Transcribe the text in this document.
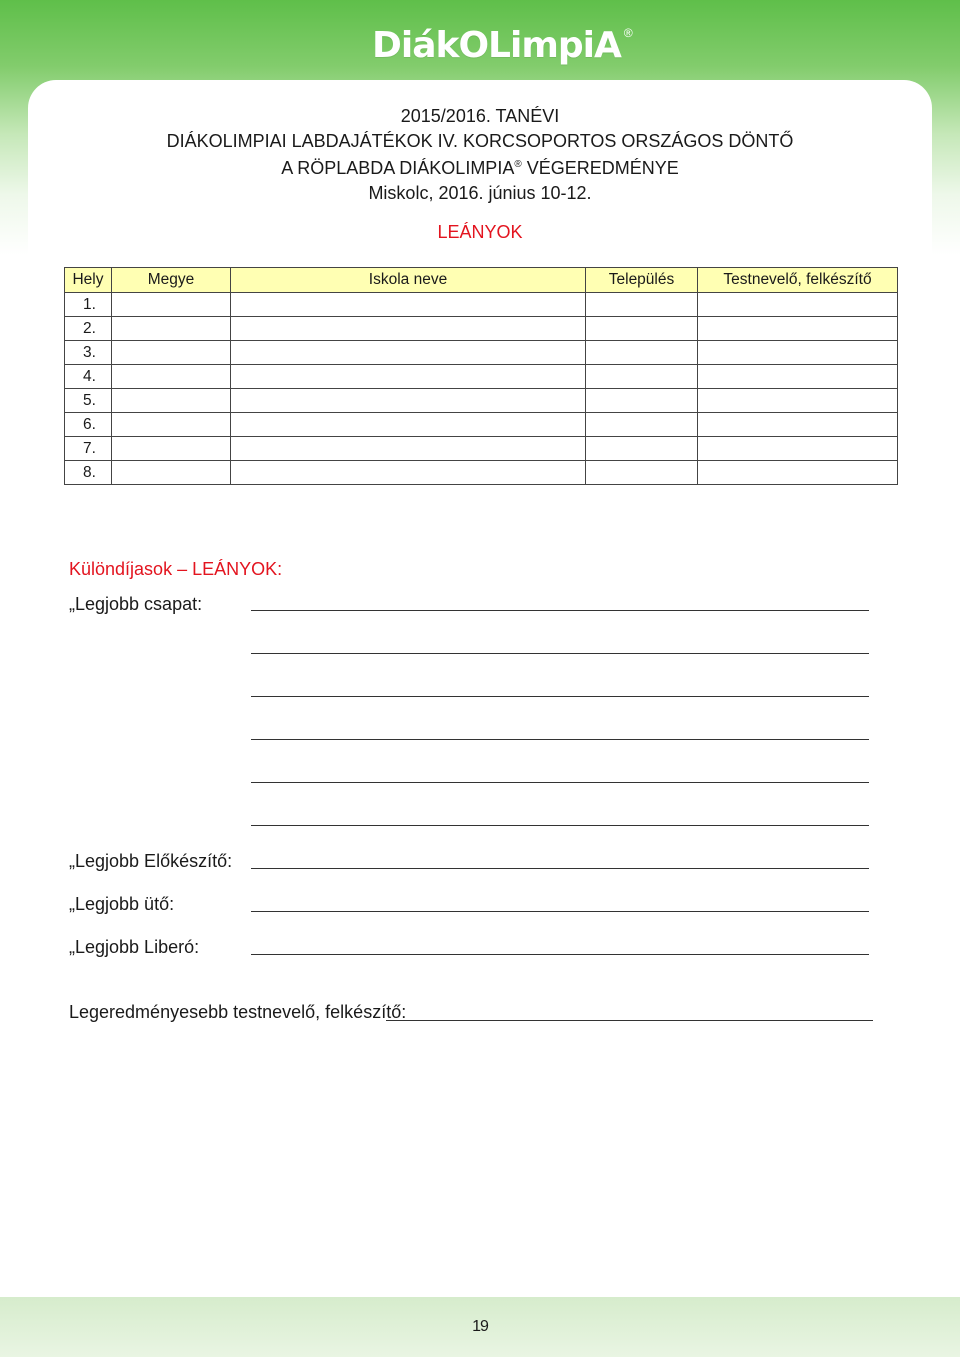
DiákOLimpiA ®
2015/2016. TANÉVI
DIÁKOLIMPIAI LABDAJÁTÉKOK IV. KORCSOPORTOS ORSZÁGOS DÖNTŐ
A RÖPLABDA DIÁKOLIMPIA® VÉGEREDMÉNYE
Miskolc, 2016. június 10-12.
LEÁNYOK
Hely	Megye	Iskola neve	Település	Testnevelő, felkészítő
1.				
2.				
3.				
4.				
5.				
6.				
7.				
8.				
Különdíjasok – LEÁNYOK:
„Legjobb csapat:
„Legjobb Előkészítő:
„Legjobb ütő:
„Legjobb Liberó:
Legeredményesebb testnevelő, felkészítő:
19
